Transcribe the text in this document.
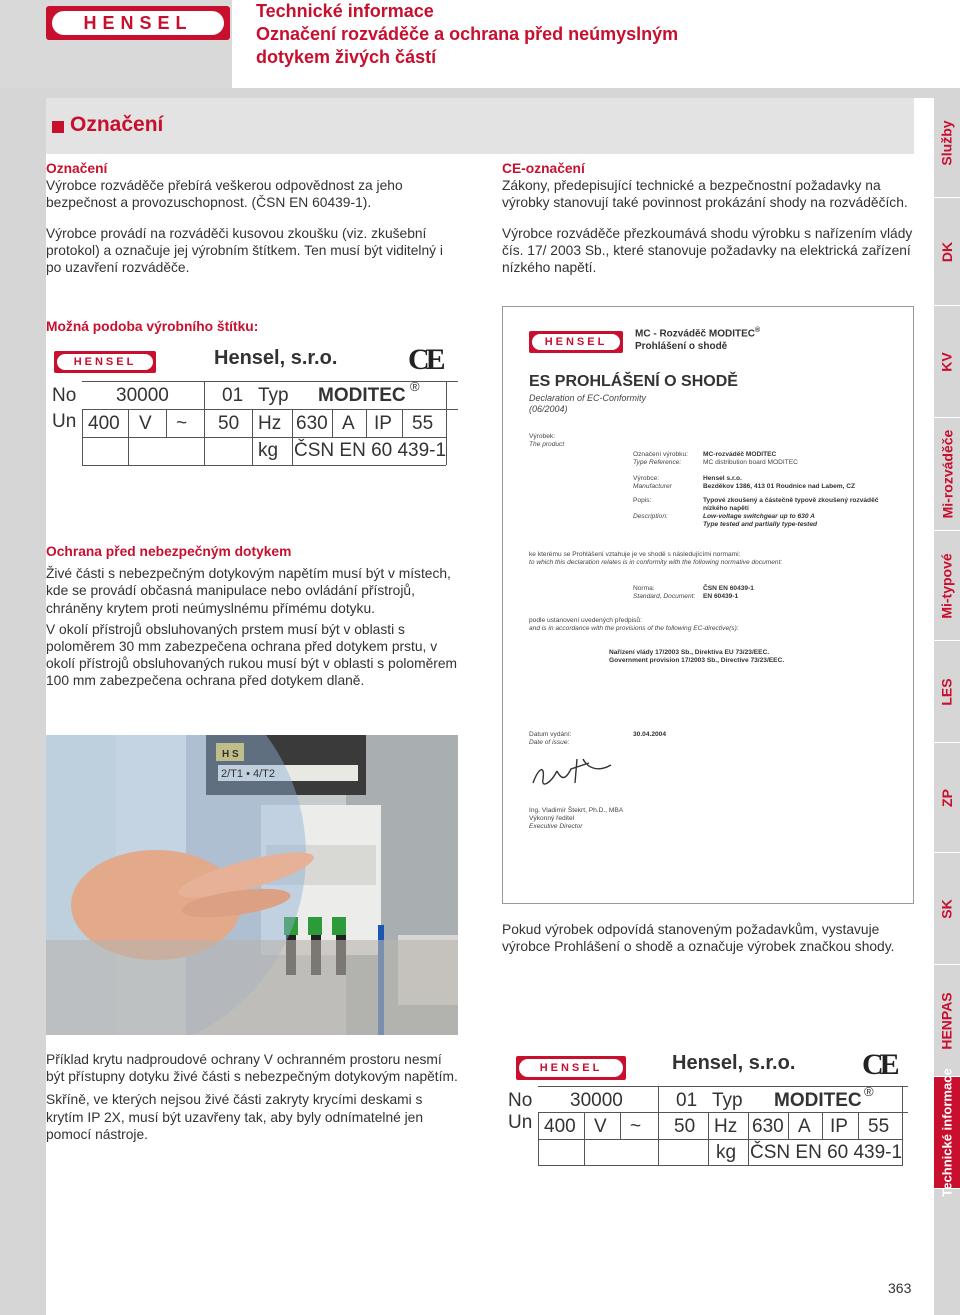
HENSEL
Technické informace
Označení rozváděče a ochrana před neúmyslným
dotykem živých částí
Označení	Služby
DK
KV
Mi-rozváděče
Mi-typové
LES
ZP
SK
HENPAS
Technické informace
Označení

Výrobce rozváděče přebírá veškerou odpovědnost za jeho bezpečnost a provozuschopnost. (ČSN EN 60439-1).

Výrobce provádí na rozváděči kusovou zkoušku (viz. zkušební protokol) a označuje jej výrobním štítkem. Ten musí být viditelný i po uzavření rozváděče.

Možná podoba výrobního štítku:
CE-označení

Zákony, předepisující technické a bezpečnostní požadavky na výrobky stanovují také povinnost prokázání shody na rozváděčích.

Výrobce rozváděče přezkoumává shodu výrobku s nařízením vlády čís. 17/ 2003 Sb., které stanovuje požadavky na elektrická zařízení nízkého napětí.

HENSEL	Hensel, s.r.o. CE
No 30000	01 Typ MODITEC ®
Un 400 V ~ 50 Hz 630 A IP 55
kg ČSN EN 60 439-1
Ochrana před nebezpečným dotykem

Živé části s nebezpečným dotykovým napětím musí být v místech, kde se provádí občasná manipulace nebo ovládání přístrojů, chráněny krytem proti neúmyslnému přímému dotyku.

V okolí přístrojů obsluhovaných prstem musí být v oblasti s poloměrem 30 mm zabezpečena ochrana před dotykem prstu, v okolí přístrojů obsluhovaných rukou musí být v oblasti s poloměrem 100 mm zabezpečena ochrana před dotykem dlaně.

2/T1 • 4/T2
H S

Příklad krytu nadproudové ochrany V ochranném prostoru nesmí být přístupny dotyku živé části s nebezpečným dotykovým napětím.

Skříně, ve kterých nejsou živé části zakryty krycími deskami s krytím IP 2X, musí být uzavřeny tak, aby byly odnímatelné jen pomocí nástroje.

HENSEL
MC - Rozváděč MODITEC®
Prohlášení o shodě
ES PROHLÁŠENÍ O SHODĚ
Declaration of EC-Conformity
(06/2004)
Výrobek:
The product
Označení výrobku:
Type Reference:
MC-rozváděč MODITEC
MC distribution board MODITEC
Výrobce:
Manufacturer
Hensel s.r.o.
Bezděkov 1386, 413 01 Roudnice nad Labem, CZ
Popis:
Description:
Typové zkoušený a částečně typově zkoušený rozváděč
nízkého napětí
Low-voltage switchgear up to 630 A
Type tested and partially type-tested
ke kterému se Prohlášení vztahuje je ve shodě s následujícími normami:
to which this declaration relates is in conformity with the following normative document:
Norma:
Standard, Document:
ČSN EN 60439-1
EN 60439-1
podle ustanovení uvedených předpisů:
and is in accordance with the provisions of the following EC-directive(s):
Nařízení vlády 17/2003 Sb., Direktiva EU 73/23/EEC.
Government provision 17/2003 Sb., Directive 73/23/EEC.
Datum vydání:
Date of issue:
30.04.2004
Ing. Vladimír Štekrt, Ph.D., MBA
Výkonný ředitel
Executive Director
Pokud výrobek odpovídá stanoveným požadavkům, vystavuje výrobce Prohlášení o shodě a označuje výrobek značkou shody.
HENSEL	Hensel, s.r.o. CE
No 30000	01 Typ MODITEC ®
Un 400 V ~ 50 Hz 630 A IP 55
kg ČSN EN 60 439-1
363
